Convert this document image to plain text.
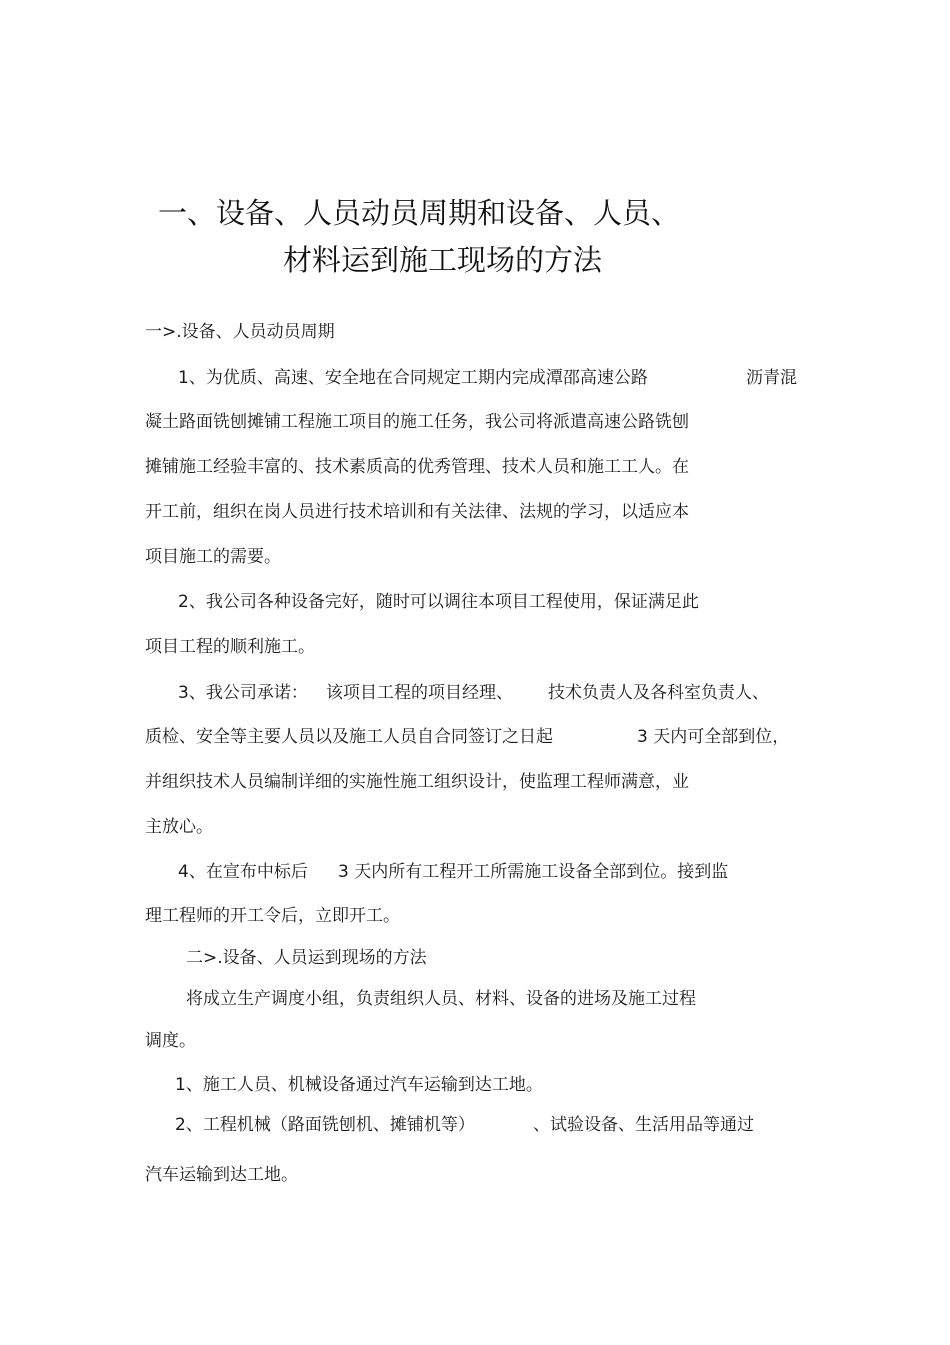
一、设备、人员动员周期和设备、人员、
材料运到施工现场的方法
一>.设备、人员动员周期
1、为优质、高速、安全地在合同规定工期内完成潭邵高速公路	沥青混
凝土路面铣刨摊铺工程施工项目的施工任务，我公司将派遣高速公路铣刨
摊铺施工经验丰富的、技术素质高的优秀管理、技术人员和施工工人。在
开工前，组织在岗人员进行技术培训和有关法律、法规的学习，以适应本
项目施工的需要。
2、我公司各种设备完好，随时可以调往本项目工程使用，保证满足此
项目工程的顺利施工。
3、我公司承诺： 该项目工程的项目经理、 技术负责人及各科室负责人、
质检、安全等主要人员以及施工人员自合同签订之日起	3 天内可全部到位，
并组织技术人员编制详细的实施性施工组织设计，使监理工程师满意，业
主放心。
4、在宣布中标后 3 天内所有工程开工所需施工设备全部到位。接到监
理工程师的开工令后，立即开工。
二>.设备、人员运到现场的方法
将成立生产调度小组，负责组织人员、材料、设备的进场及施工过程
调度。
1、施工人员、机械设备通过汽车运输到达工地。
2、工程机械（路面铣刨机、摊铺机等）	、试验设备、生活用品等通过
汽车运输到达工地。
